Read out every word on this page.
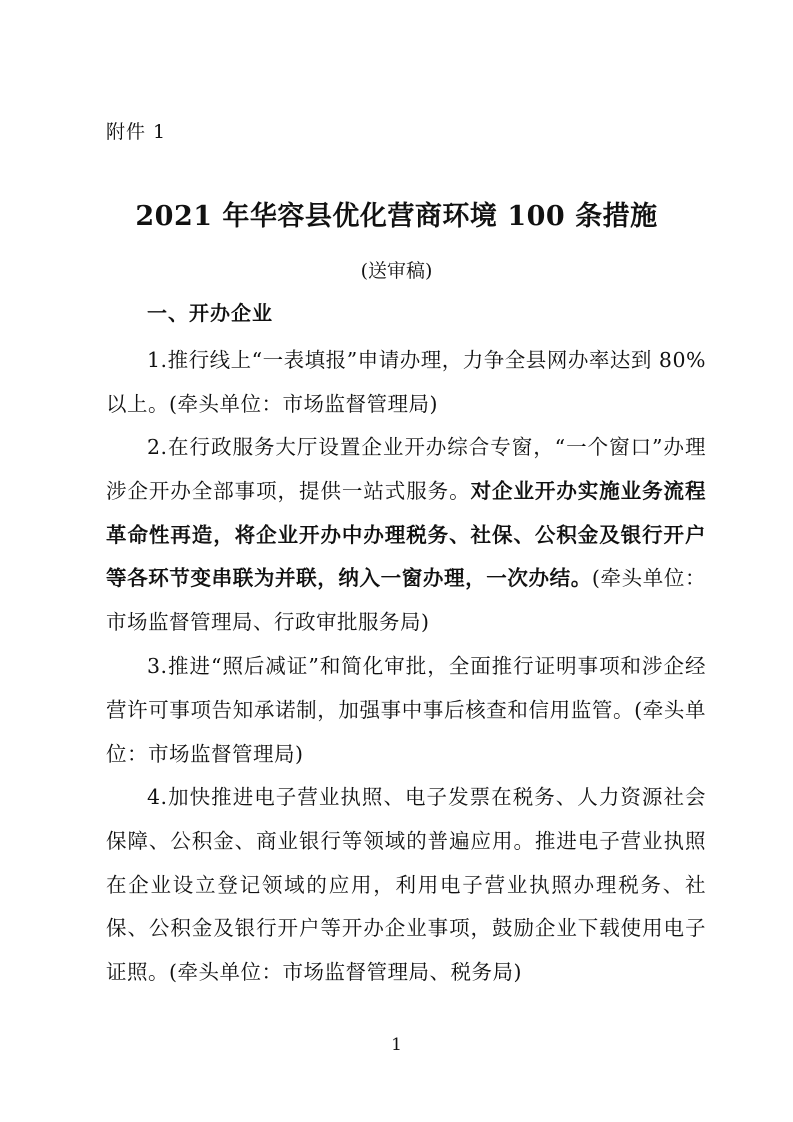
附件 1
2021 年华容县优化营商环境 100 条措施
(送审稿)
一、开办企业

1.推行线上“一表填报”申请办理，力争全县网办率达到 80%以上。(牵头单位：市场监督管理局)

2.在行政服务大厅设置企业开办综合专窗，“一个窗口”办理涉企开办全部事项，提供一站式服务。对企业开办实施业务流程革命性再造，将企业开办中办理税务、社保、公积金及银行开户等各环节变串联为并联，纳入一窗办理，一次办结。(牵头单位：市场监督管理局、行政审批服务局)

3.推进“照后减证”和简化审批，全面推行证明事项和涉企经营许可事项告知承诺制，加强事中事后核查和信用监管。(牵头单位：市场监督管理局)

4.加快推进电子营业执照、电子发票在税务、人力资源社会保障、公积金、商业银行等领域的普遍应用。推进电子营业执照在企业设立登记领域的应用，利用电子营业执照办理税务、社保、公积金及银行开户等开办企业事项，鼓励企业下载使用电子证照。(牵头单位：市场监督管理局、税务局)

1
